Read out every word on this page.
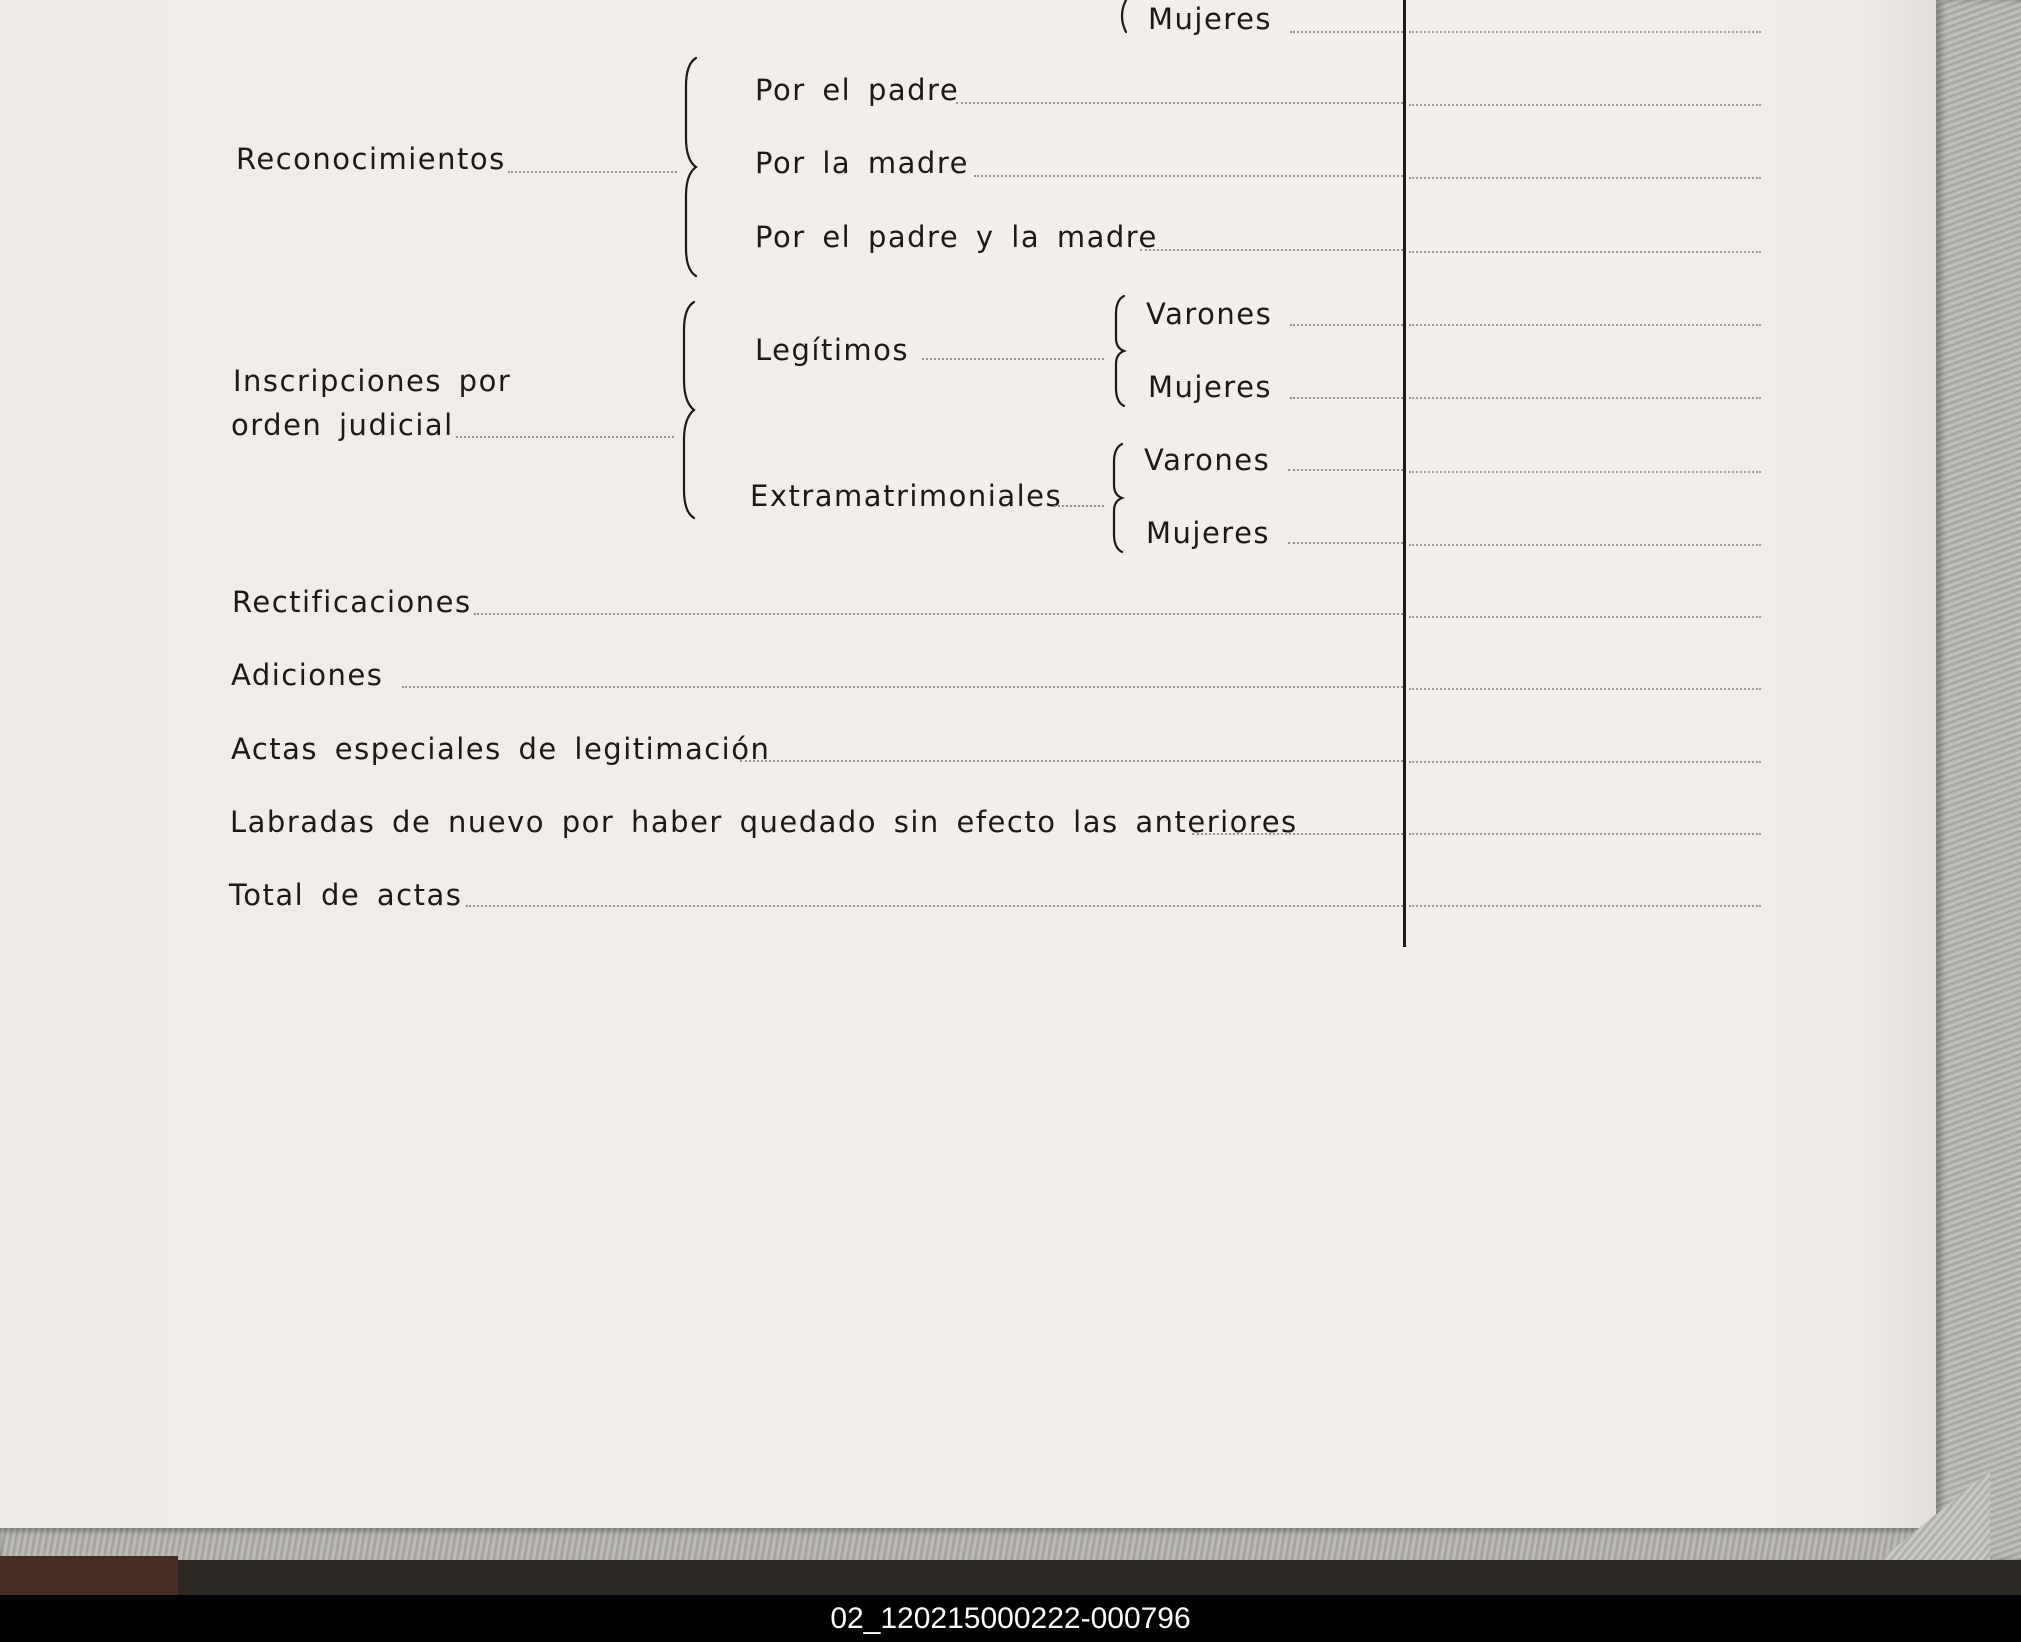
Mujeres
Reconocimientos
Por el padre
Por la madre
Por el padre y la madre
Inscripciones por
orden judicial
Legítimos
Varones
Mujeres
Extramatrimoniales
Varones
Mujeres
Rectificaciones
Adiciones
Actas especiales de legitimación
Labradas de nuevo por haber quedado sin efecto las anteriores
Total de actas
02_120215000222-000796
